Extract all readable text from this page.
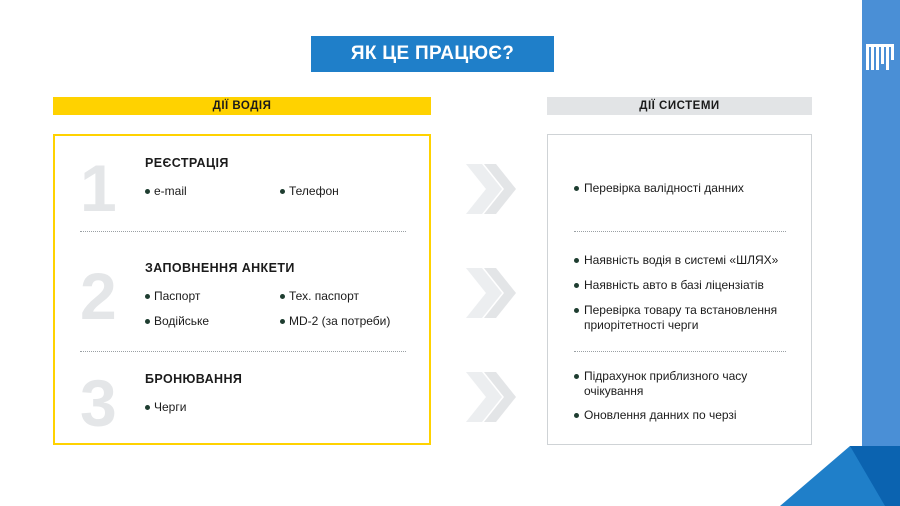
ЯК ЦЕ ПРАЦЮЄ?
ДІЇ ВОДІЯ	ДІЇ СИСТЕМИ
1 РЕЄСТРАЦІЯ
e-mail	Телефон
2 ЗАПОВНЕННЯ АНКЕТИ
Паспорт	Тех. паспорт
Водійське	MD-2 (за потреби)
3 БРОНЮВАННЯ
Черги
Перевірка валідності данних
Наявність водія в системі «ШЛЯХ»
Наявність авто в базі ліцензіатів
Перевірка товару та встановлення приорітетності черги
Підрахунок приблизного часу очікування
Оновлення данних по черзі
